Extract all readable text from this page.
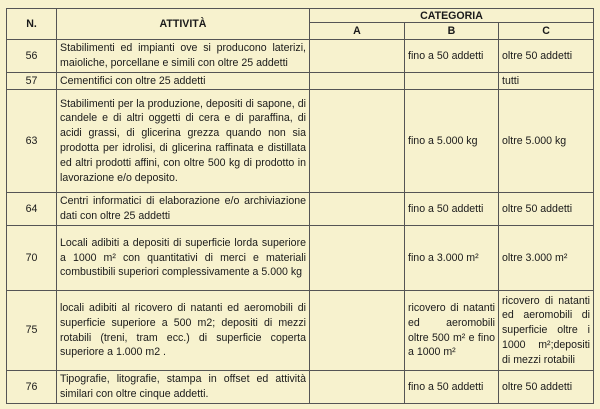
N.	ATTIVITÀ	CATEGORIA		
		A	B	C
56	Stabilimenti ed impianti ove si producono laterizi, maioliche, porcellane e simili con oltre 25 addetti		fino a 50 addetti	oltre 50 addetti
57	Cementifici con oltre 25 addetti			tutti
63	Stabilimenti per la produzione, depositi di sapone, di candele e di altri oggetti di cera e di paraffina, di acidi grassi, di glicerina grezza quando non sia prodotta per idrolisi, di glicerina raffinata e distillata ed altri prodotti affini, con oltre 500 kg di prodotto in lavorazione e/o deposito.		fino a 5.000 kg	oltre 5.000 kg
64	Centri informatici di elaborazione e/o archiviazione dati con oltre 25 addetti		fino a 50 addetti	oltre 50 addetti
70	Locali adibiti a depositi di superficie lorda superiore a 1000 m² con quantitativi di merci e materiali combustibili superiori complessivamente a 5.000 kg		fino a 3.000 m²	oltre 3.000 m²
75	locali adibiti al ricovero di natanti ed aeromobili di superficie superiore a 500 m2; depositi di mezzi rotabili (treni, tram ecc.) di superficie coperta superiore a 1.000 m2 .		ricovero di natanti ed aeromobili oltre 500 m² e fino a 1000 m²	ricovero di natanti ed aeromobili di superficie oltre i 1000 m²;depositi di mezzi rotabili
76	Tipografie, litografie, stampa in offset ed attività similari con oltre cinque addetti.		fino a 50 addetti	oltre 50 addetti
